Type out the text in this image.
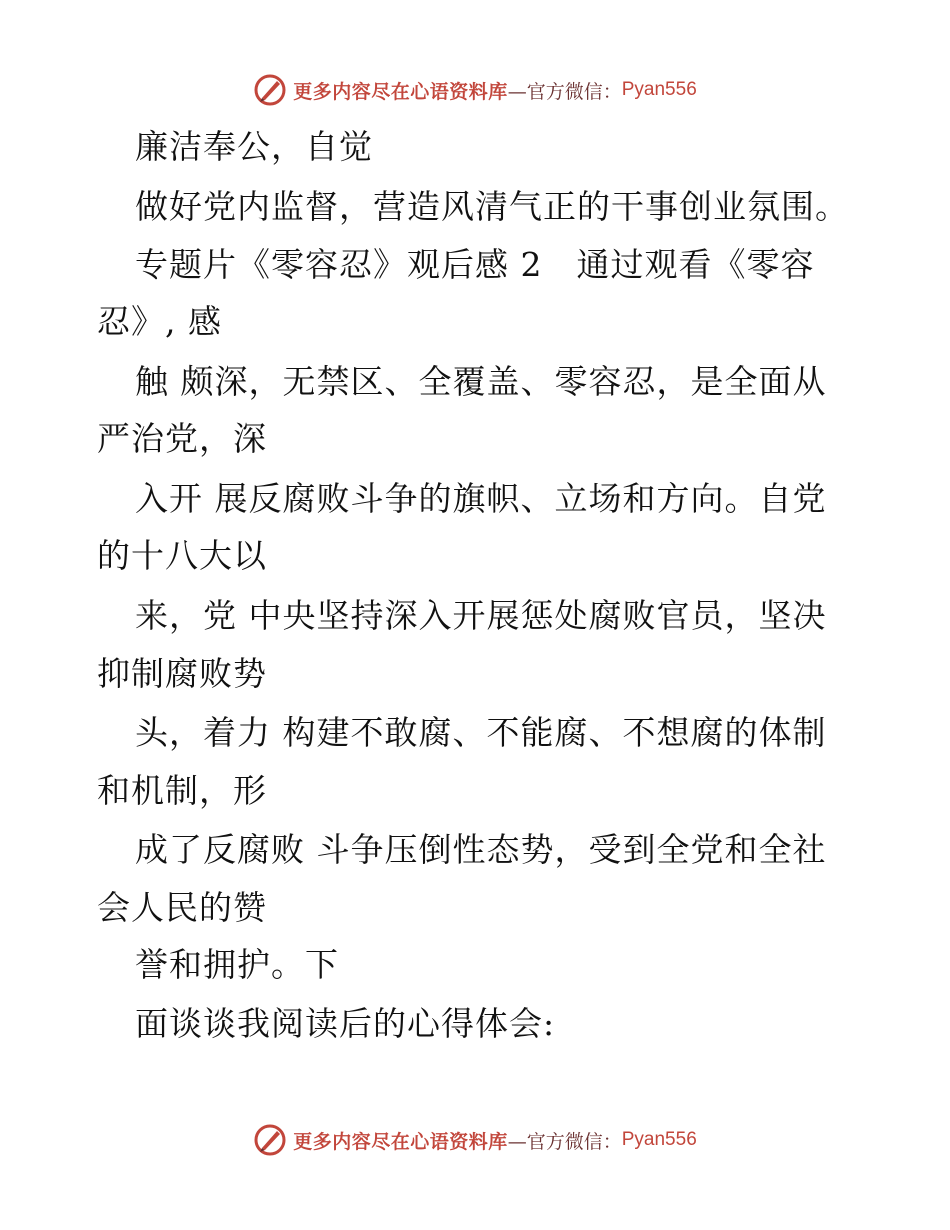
更多内容尽在心语资料库 —官方微信： Pyan556
廉洁奉公，自觉
做好党内监督，营造风清气正的干事创业氛围。
专题片《零容忍》观后感 2　通过观看《零容
忍》, 感
触 颇深，无禁区、全覆盖、零容忍，是全面从
严治党，深
入开 展反腐败斗争的旗帜、立场和方向。自党
的十八大以
来，党 中央坚持深入开展惩处腐败官员，坚决
抑制腐败势
头，着力 构建不敢腐、不能腐、不想腐的体制
和机制，形
成了反腐败 斗争压倒性态势，受到全党和全社
会人民的赞
誉和拥护。下
面谈谈我阅读后的心得体会:
更多内容尽在心语资料库 —官方微信： Pyan556
